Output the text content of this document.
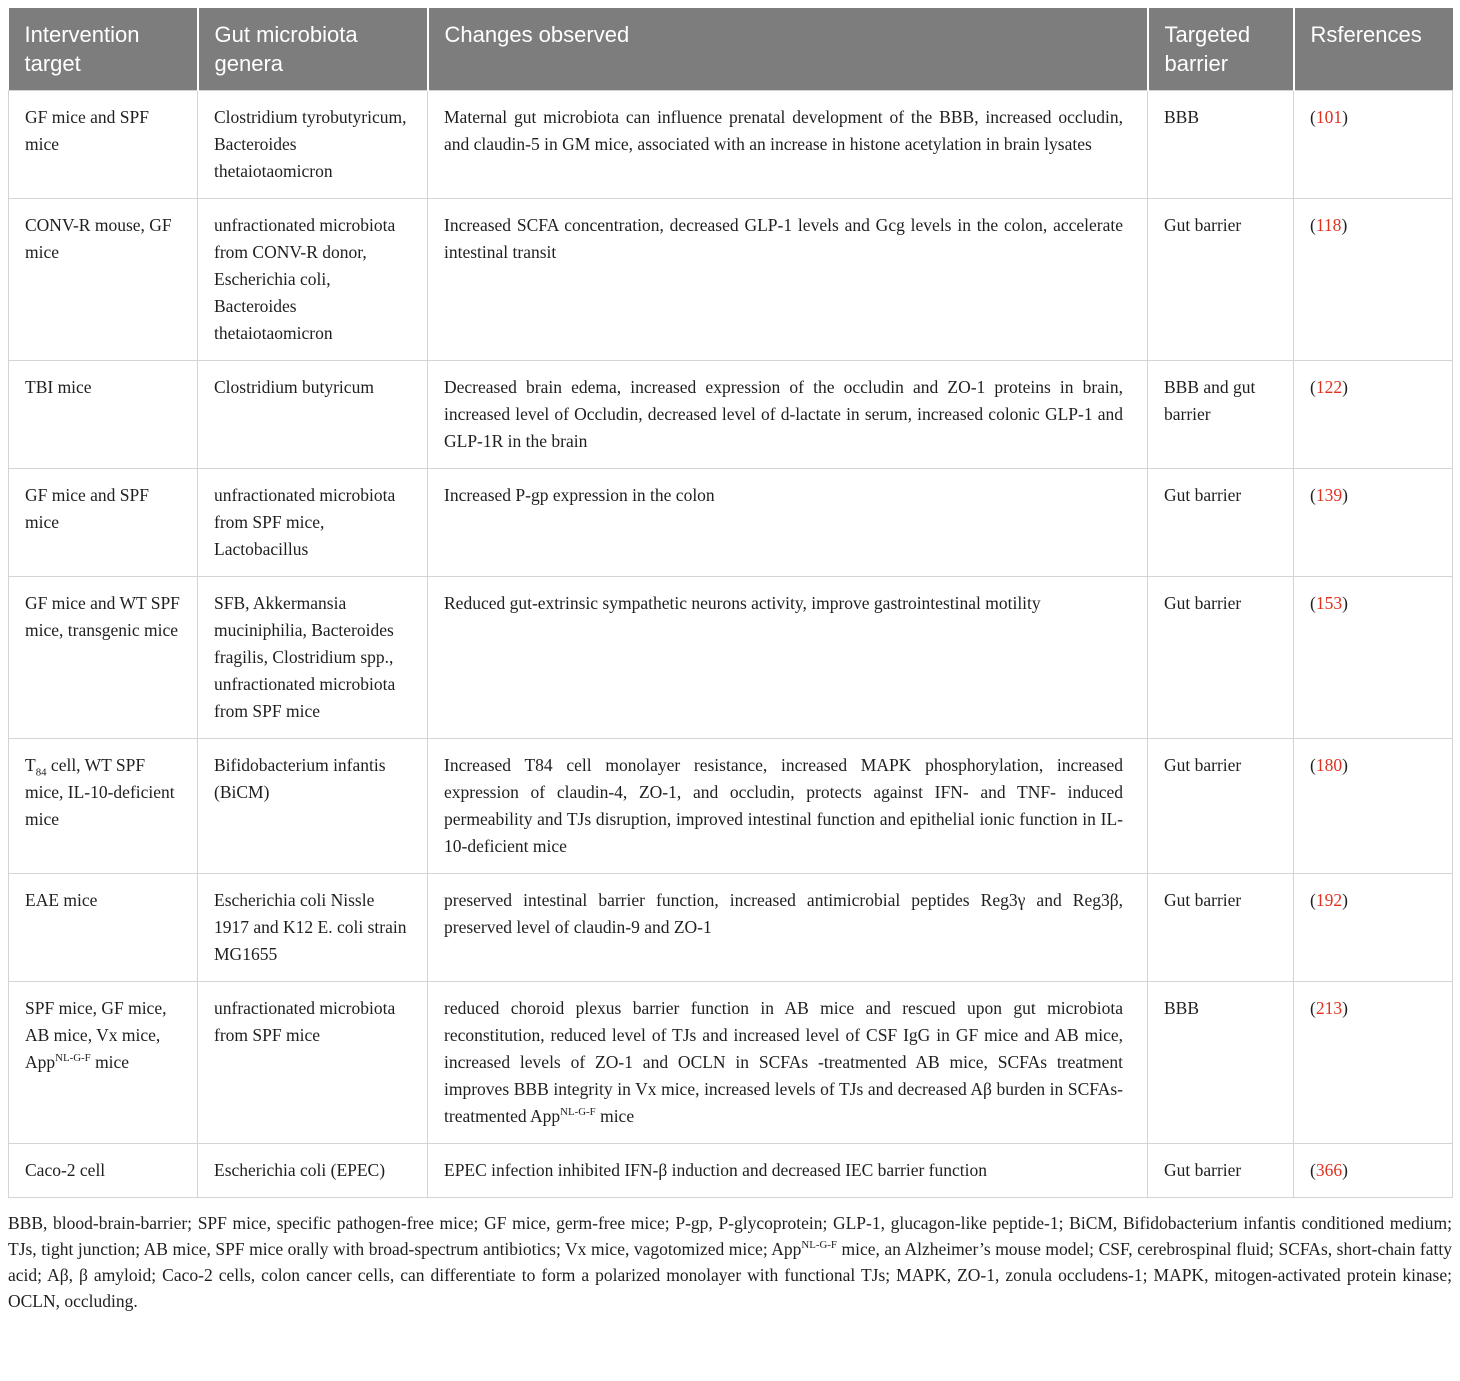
Intervention target	Gut microbiota genera	Changes observed	Targeted barrier	Rsferences
GF mice and SPF mice	Clostridium tyrobutyricum, Bacteroides thetaiotaomicron	Maternal gut microbiota can influence prenatal development of the BBB, increased occludin, and claudin-5 in GM mice, associated with an increase in histone acetylation in brain lysates	BBB	(101)
CONV-R mouse, GF mice	unfractionated microbiota from CONV-R donor, Escherichia coli, Bacteroides thetaiotaomicron	Increased SCFA concentration, decreased GLP-1 levels and Gcg levels in the colon, accelerate intestinal transit	Gut barrier	(118)
TBI mice	Clostridium butyricum	Decreased brain edema, increased expression of the occludin and ZO-1 proteins in brain, increased level of Occludin, decreased level of d-lactate in serum, increased colonic GLP-1 and GLP-1R in the brain	BBB and gut barrier	(122)
GF mice and SPF mice	unfractionated microbiota from SPF mice, Lactobacillus	Increased P-gp expression in the colon	Gut barrier	(139)
GF mice and WT SPF mice, transgenic mice	SFB, Akkermansia muciniphilia, Bacteroides fragilis, Clostridium spp., unfractionated microbiota from SPF mice	Reduced gut-extrinsic sympathetic neurons activity, improve gastrointestinal motility	Gut barrier	(153)
$T_{84}$ cell, WT SPF mice, IL-10-deficient mice	Bifidobacterium infantis (BiCM)	Increased T84 cell monolayer resistance, increased MAPK phosphorylation, increased expression of claudin-4, ZO-1, and occludin, protects against IFN- and TNF- induced permeability and TJs disruption, improved intestinal function and epithelial ionic function in IL-10-deficient mice	Gut barrier	(180)
EAE mice	Escherichia coli Nissle 1917 and K12 E. coli strain MG1655	preserved intestinal barrier function, increased antimicrobial peptides Reg3γ and Reg3β, preserved level of claudin-9 and ZO-1	Gut barrier	(192)
SPF mice, GF mice, AB mice, Vx mice, App$^{NL-G-F}$ mice	unfractionated microbiota from SPF mice	reduced choroid plexus barrier function in AB mice and rescued upon gut microbiota reconstitution, reduced level of TJs and increased level of CSF IgG in GF mice and AB mice, increased levels of ZO-1 and OCLN in SCFAs -treatmented AB mice, SCFAs treatment improves BBB integrity in Vx mice, increased levels of TJs and decreased Aβ burden in SCFAs-treatmented App$^{NL-G-F}$ mice	BBB	(213)
Caco-2 cell	Escherichia coli (EPEC)	EPEC infection inhibited IFN-β induction and decreased IEC barrier function	Gut barrier	(366)

BBB, blood-brain-barrier; SPF mice, specific pathogen-free mice; GF mice, germ-free mice; P-gp, P-glycoprotein; GLP-1, glucagon-like peptide-1; BiCM, Bifidobacterium infantis conditioned medium; TJs, tight junction; AB mice, SPF mice orally with broad-spectrum antibiotics; Vx mice, vagotomized mice; App$^{NL-G-F}$ mice, an Alzheimer’s mouse model; CSF, cerebrospinal fluid; SCFAs, short-chain fatty acid; Aβ, β amyloid; Caco-2 cells, colon cancer cells, can differentiate to form a polarized monolayer with functional TJs; MAPK, ZO-1, zonula occludens-1; MAPK, mitogen-activated protein kinase; OCLN, occluding.
